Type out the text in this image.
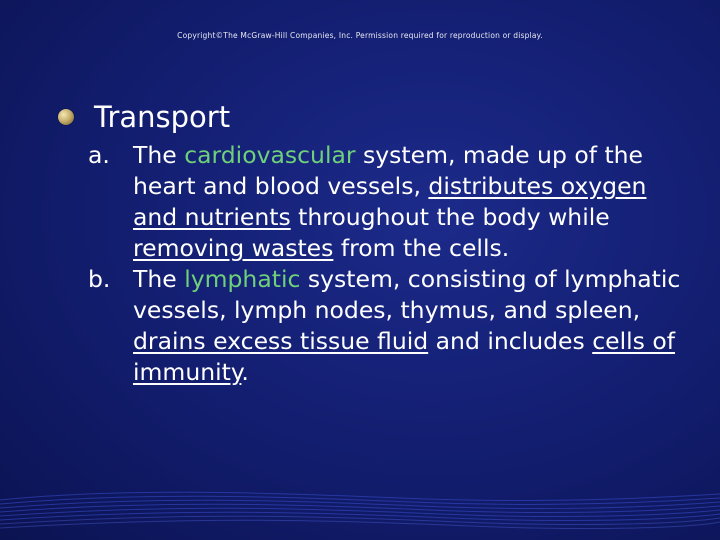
Copyright©The McGraw-Hill Companies, Inc. Permission required for reproduction or display.
Transport
a. The cardiovascular system, made up of the heart and blood vessels, distributes oxygen and nutrients throughout the body while removing wastes from the cells.
b. The lymphatic system, consisting of lymphatic vessels, lymph nodes, thymus, and spleen, drains excess tissue fluid and includes cells of immunity.
